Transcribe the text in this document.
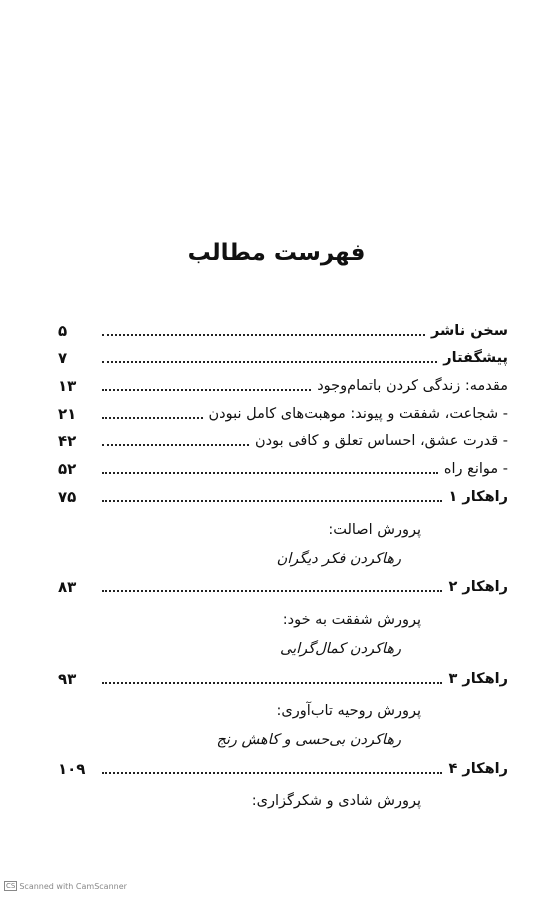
فهرست مطالب
سخن ناشر
۵
پیشگفتار
۷
مقدمه: زندگی کردن باتمام‌وجود
۱۳
- شجاعت، شفقت و پیوند: موهبت‌های کامل نبودن
۲۱
- قدرت عشق، احساس تعلق و کافی بودن
۴۲
- موانع راه
۵۲
راهکار ۱
۷۵
راهکار ۲
۸۳
راهکار ۳
۹۳
راهکار ۴
۱۰۹
پرورش اصالت:
رهاکردن فکر دیگران
پرورش شفقت به خود:
رهاکردن کمال‌گرایی
پرورش روحیه تاب‌آوری:
رهاکردن بی‌حسی و کاهش رنج
پرورش شادی و شکرگزاری:
CS Scanned with CamScanner
